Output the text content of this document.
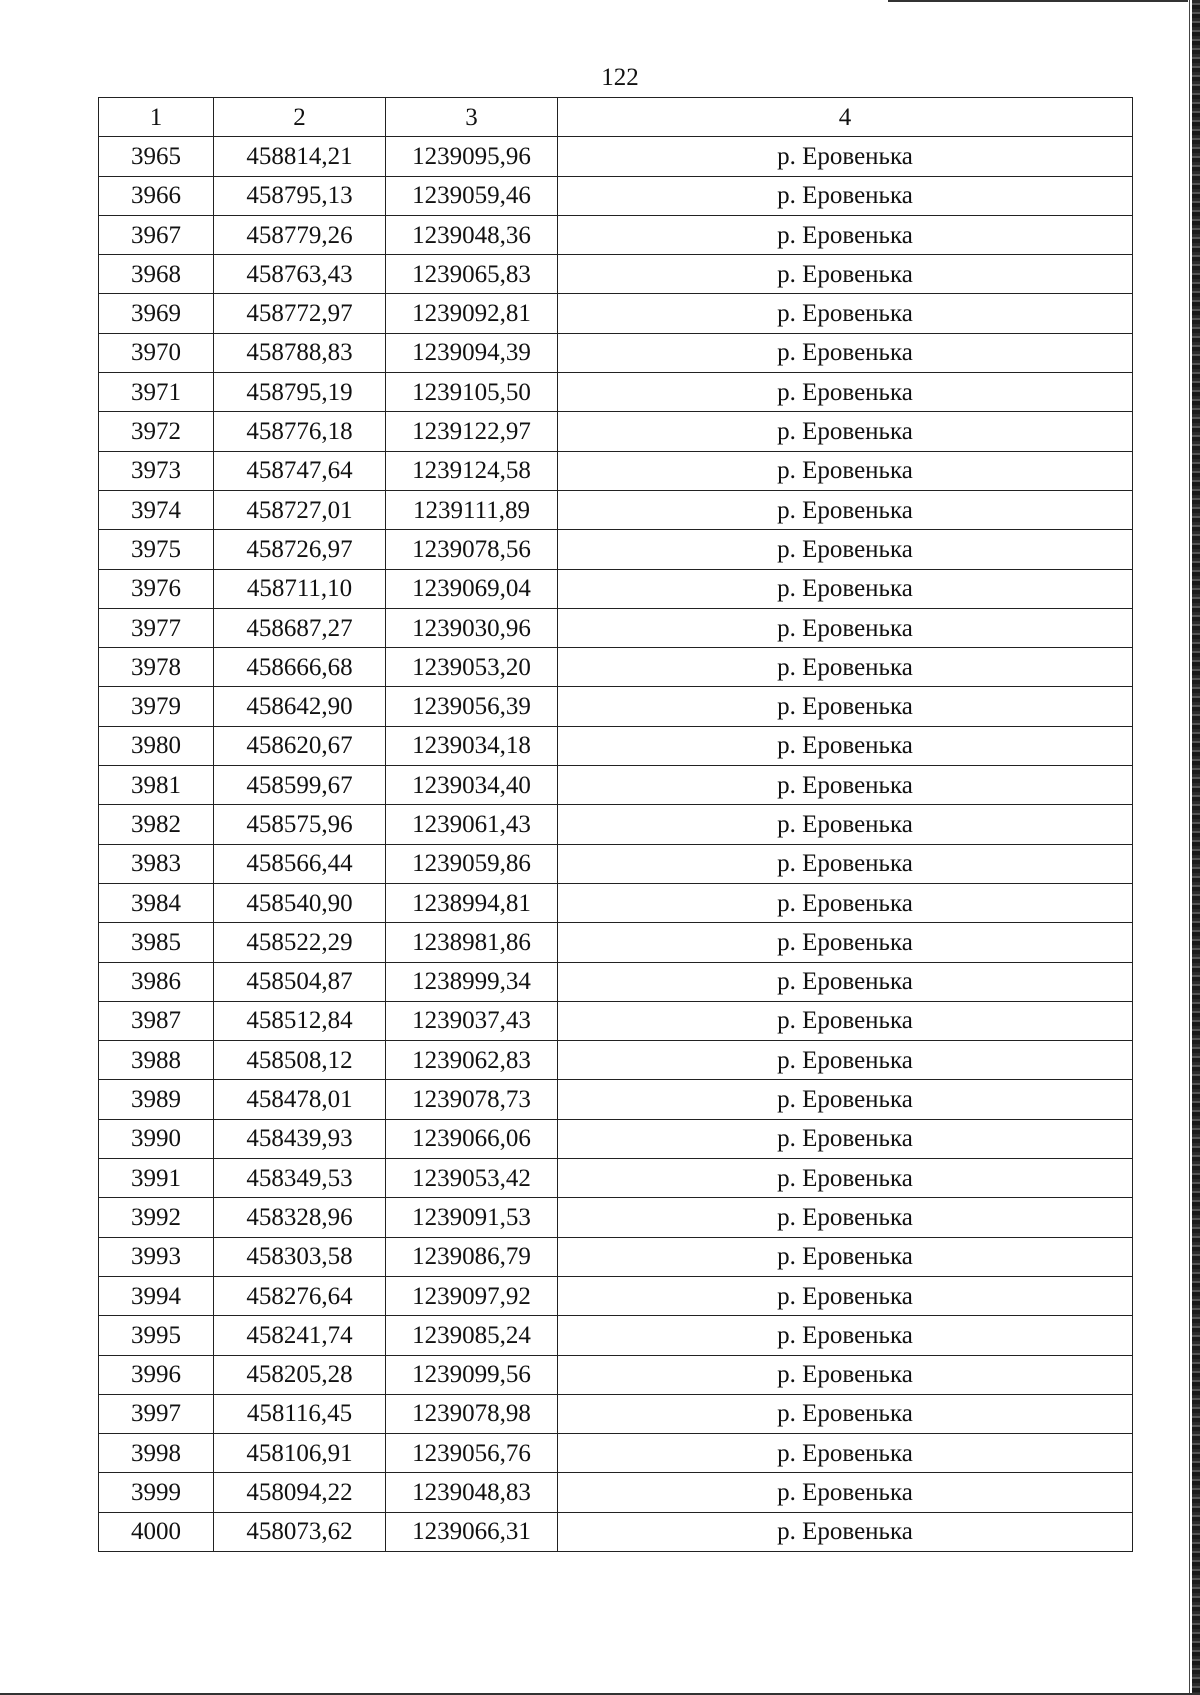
122
1	2	3	4
3965	458814,21	1239095,96	р. Еровенька
3966	458795,13	1239059,46	р. Еровенька
3967	458779,26	1239048,36	р. Еровенька
3968	458763,43	1239065,83	р. Еровенька
3969	458772,97	1239092,81	р. Еровенька
3970	458788,83	1239094,39	р. Еровенька
3971	458795,19	1239105,50	р. Еровенька
3972	458776,18	1239122,97	р. Еровенька
3973	458747,64	1239124,58	р. Еровенька
3974	458727,01	1239111,89	р. Еровенька
3975	458726,97	1239078,56	р. Еровенька
3976	458711,10	1239069,04	р. Еровенька
3977	458687,27	1239030,96	р. Еровенька
3978	458666,68	1239053,20	р. Еровенька
3979	458642,90	1239056,39	р. Еровенька
3980	458620,67	1239034,18	р. Еровенька
3981	458599,67	1239034,40	р. Еровенька
3982	458575,96	1239061,43	р. Еровенька
3983	458566,44	1239059,86	р. Еровенька
3984	458540,90	1238994,81	р. Еровенька
3985	458522,29	1238981,86	р. Еровенька
3986	458504,87	1238999,34	р. Еровенька
3987	458512,84	1239037,43	р. Еровенька
3988	458508,12	1239062,83	р. Еровенька
3989	458478,01	1239078,73	р. Еровенька
3990	458439,93	1239066,06	р. Еровенька
3991	458349,53	1239053,42	р. Еровенька
3992	458328,96	1239091,53	р. Еровенька
3993	458303,58	1239086,79	р. Еровенька
3994	458276,64	1239097,92	р. Еровенька
3995	458241,74	1239085,24	р. Еровенька
3996	458205,28	1239099,56	р. Еровенька
3997	458116,45	1239078,98	р. Еровенька
3998	458106,91	1239056,76	р. Еровенька
3999	458094,22	1239048,83	р. Еровенька
4000	458073,62	1239066,31	р. Еровенька
